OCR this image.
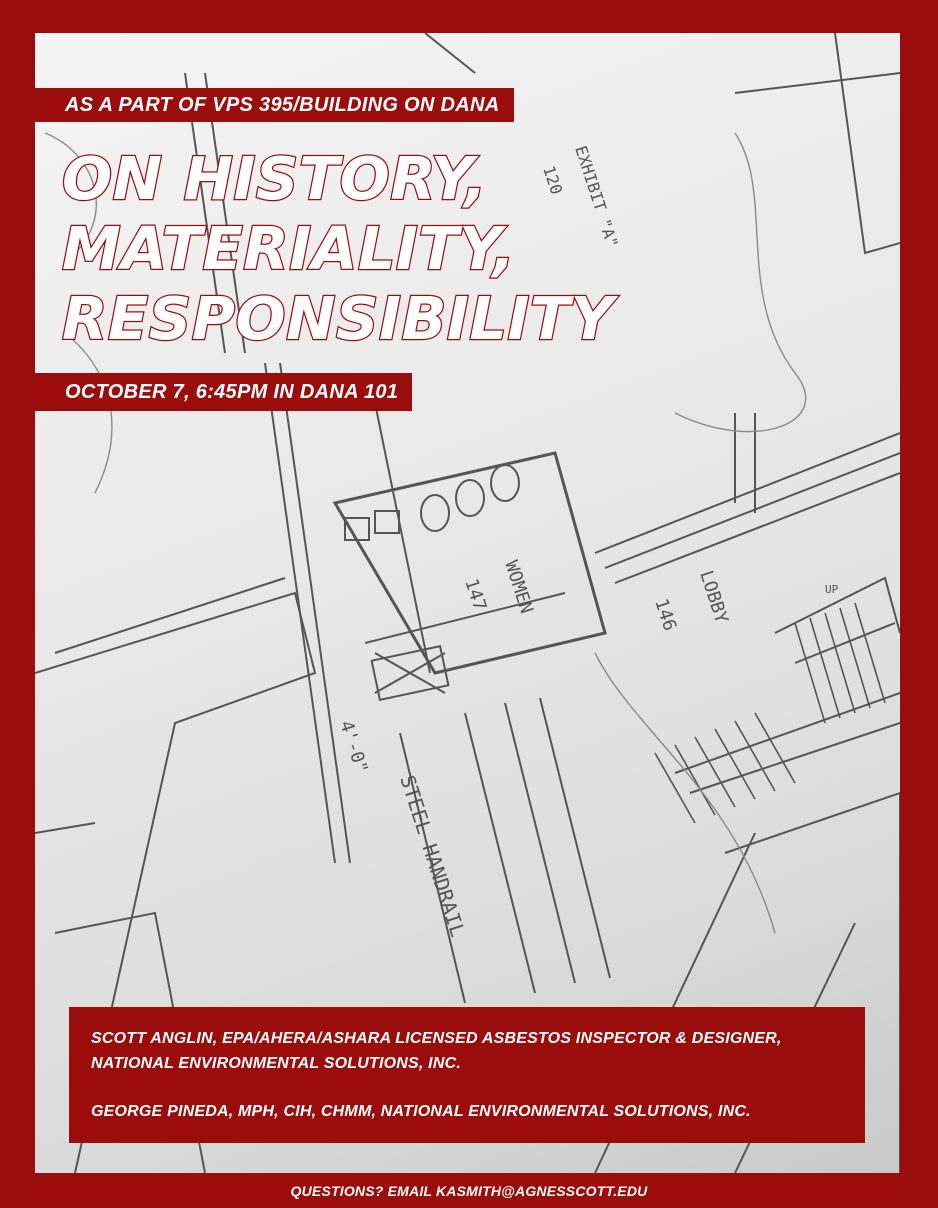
WOMEN
147	LOBBY
146
UP
STEEL HANDRAIL
EXHIBIT "A"
120
4'-0"
AS A PART OF VPS 395/BUILDING ON DANA
ON HISTORY,
MATERIALITY,
RESPONSIBILITY
OCTOBER 7, 6:45PM IN DANA 101

SCOTT ANGLIN, EPA/AHERA/ASHARA LICENSED ASBESTOS INSPECTOR & DESIGNER, NATIONAL ENVIRONMENTAL SOLUTIONS, INC.

GEORGE PINEDA, MPH, CIH, CHMM, NATIONAL ENVIRONMENTAL SOLUTIONS, INC.

QUESTIONS? EMAIL KASMITH@AGNESSCOTT.EDU
